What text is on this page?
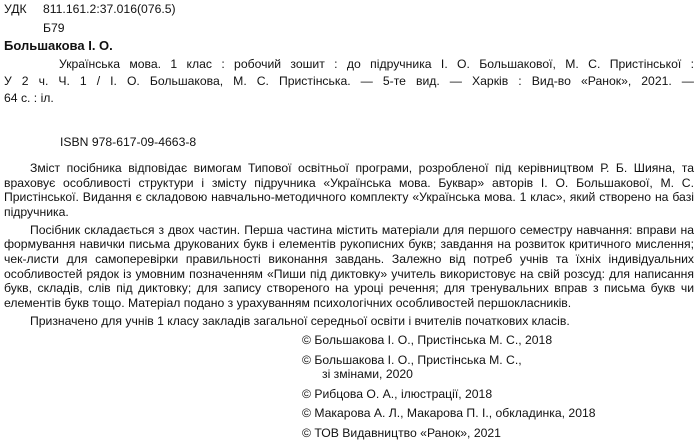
УДК 811.161.2:37.016(076.5)
Б79
Большакова І. О.

Українська мова. 1 клас : робочий зошит : до підручника І. О. Большакової, М. С. Пристінської :

У 2 ч. Ч. 1 / І. О. Большакова, М. С. Пристінська. — 5-те вид. — Харків : Вид-во «Ранок», 2021. —

64 с. : іл.

ISBN 978-617-09-4663-8

Зміст посібника відповідає вимогам Типової освітньої програми, розробленої під керівництвом Р. Б. Шияна, та враховує особливості структури і змісту підручника «Українська мова. Буквар» авторів І. О. Большакової, М. С. Пристінської. Видання є складовою навчально-методичного комплекту «Українська мова. 1 клас», який створено на базі підручника.

Посібник складається з двох частин. Перша частина містить матеріали для першого семестру навчання: вправи на формування навички письма друкованих букв і елементів рукописних букв; завдання на розвиток критичного мислення; чек-листи для самоперевірки правильності виконання завдань. Залежно від потреб учнів та їхніх індивідуальних особливостей рядок із умовним позначенням «Пиши під диктовку» учитель використовує на свій розсуд: для написання букв, складів, слів під диктовку; для запису створеного на уроці речення; для тренувальних вправ з письма букв чи елементів букв тощо. Матеріал подано з урахуванням психологічних особливостей першокласників.

Призначено для учнів 1 класу закладів загальної середньої освіти і вчителів початкових класів.

© Большакова І. О., Пристінська М. С., 2018
© Большакова І. О., Пристінська М. С.,
зі змінами, 2020
© Рибцова О. А., ілюстрації, 2018
© Макарова А. Л., Макарова П. І., обкладинка, 2018
© ТОВ Видавництво «Ранок», 2021
